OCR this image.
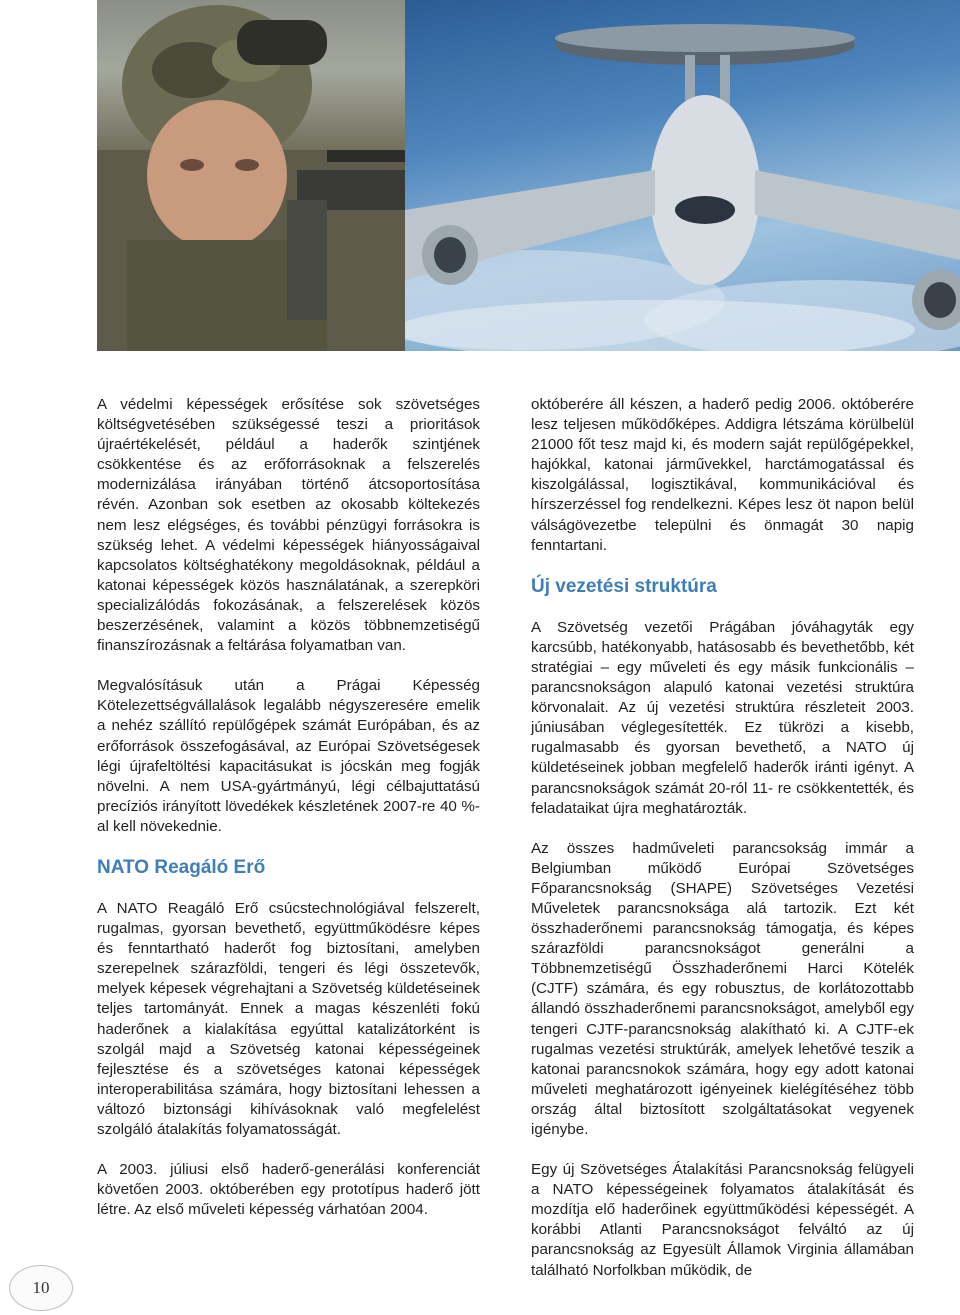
A védelmi képességek erősítése sok szövetséges költségvetésében szükségessé teszi a prioritások újraértékelését, például a haderők szintjének csökkentése és az erőforrásoknak a felszerelés modernizálása irányában történő átcsoportosítása révén. Azonban sok esetben az okosabb költekezés nem lesz elégséges, és további pénzügyi forrásokra is szükség lehet. A védelmi képességek hiányosságaival kapcsolatos költséghatékony megoldásoknak, például a katonai képességek közös használatának, a szerepköri specializálódás fokozásának, a felszerelések közös beszerzésének, valamint a közös többnemzetiségű finanszírozásnak a feltárása folyamatban van.

Megvalósításuk után a Prágai Képesség Kötelezettségvállalások legalább négyszeresére emelik a nehéz szállító repülőgépek számát Európában, és az erőforrások összefogásával, az Európai Szövetségesek légi újrafeltöltési kapacitásukat is jócskán meg fogják növelni. A nem USA-gyártmányú, légi célbajuttatású precíziós irányított lövedékek készletének 2007-re 40 %-al kell növekednie.

NATO Reagáló Erő

A NATO Reagáló Erő csúcstechnológiával felszerelt, rugalmas, gyorsan bevethető, együttműködésre képes és fenntartható haderőt fog biztosítani, amelyben szerepelnek szárazföldi, tengeri és légi összetevők, melyek képesek végrehajtani a Szövetség küldetéseinek teljes tartományát. Ennek a magas készenléti fokú haderőnek a kialakítása egyúttal katalizátorként is szolgál majd a Szövetség katonai képességeinek fejlesztése és a szövetséges katonai képességek interoperabilitása számára, hogy biztosítani lehessen a változó biztonsági kihívásoknak való megfelelést szolgáló átalakítás folyamatosságát.

A 2003. júliusi első haderő-generálási konferenciát követően 2003. októberében egy prototípus haderő jött létre. Az első műveleti képesség várhatóan 2004.

októberére áll készen, a haderő pedig 2006. októberére lesz teljesen működőképes. Addigra létszáma körülbelül 21000 főt tesz majd ki, és modern saját repülőgépekkel, hajókkal, katonai járművekkel, harctámogatással és kiszolgálással, logisztikával, kommunikációval és hírszerzéssel fog rendelkezni. Képes lesz öt napon belül válságövezetbe települni és önmagát 30 napig fenntartani.

Új vezetési struktúra

A Szövetség vezetői Prágában jóváhagyták egy karcsúbb, hatékonyabb, hatásosabb és bevethetőbb, két stratégiai – egy műveleti és egy másik funkcionális – parancsnokságon alapuló katonai vezetési struktúra körvonalait. Az új vezetési struktúra részleteit 2003. júniusában véglegesítették. Ez tükrözi a kisebb, rugalmasabb és gyorsan bevethető, a NATO új küldetéseinek jobban megfelelő haderők iránti igényt. A parancsnokságok számát 20-ról 11- re csökkentették, és feladataikat újra meghatározták.

Az összes hadműveleti parancsokság immár a Belgiumban működő Európai Szövetséges Főparancsnokság (SHAPE) Szövetséges Vezetési Műveletek parancsnoksága alá tartozik. Ezt két összhaderőnemi parancsnokság támogatja, és képes szárazföldi parancsnokságot generálni a Többnemzetiségű Összhaderőnemi Harci Kötelék (CJTF) számára, és egy robusztus, de korlátozottabb állandó összhaderőnemi parancsnokságot, amelyből egy tengeri CJTF-parancsnokság alakítható ki. A CJTF-ek rugalmas vezetési struktúrák, amelyek lehetővé teszik a katonai parancsnokok számára, hogy egy adott katonai műveleti meghatározott igényeinek kielégítéséhez több ország által biztosított szolgáltatásokat vegyenek igénybe.

Egy új Szövetséges Átalakítási Parancsnokság felügyeli a NATO képességeinek folyamatos átalakítását és mozdítja elő haderőinek együttműködési képességét. A korábbi Atlanti Parancsnokságot felváltó az új parancsnokság az Egyesült Államok Virginia államában található Norfolkban működik, de

10
